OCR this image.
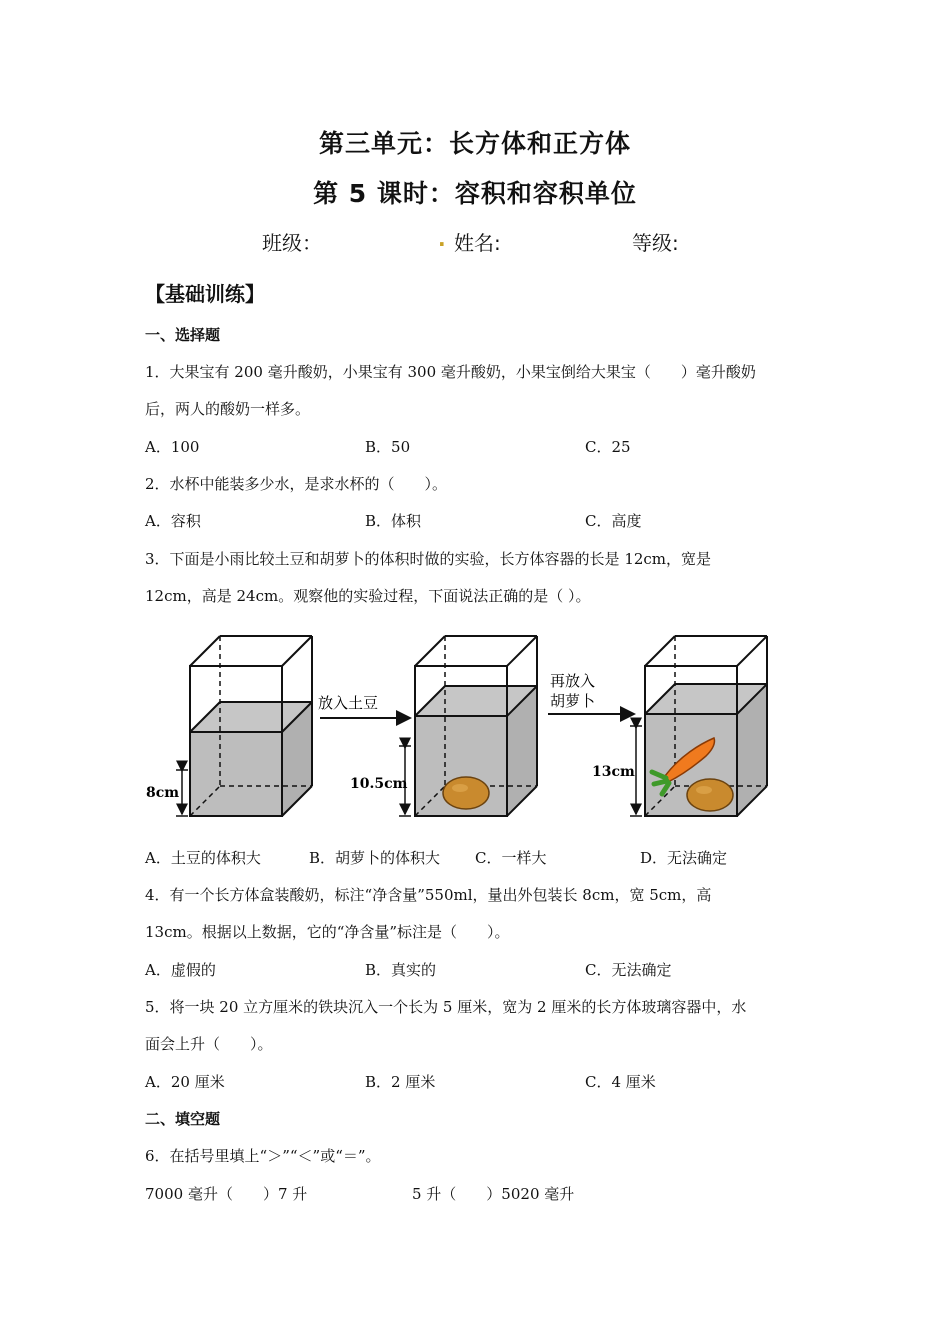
第三单元：长方体和正方体
第 5 课时：容积和容积单位
班级：	. 姓名:	等级:
【基础训练】
一、选择题
1．大果宝有 200 毫升酸奶，小果宝有 300 毫升酸奶，小果宝倒给大果宝（　　）毫升酸奶
后，两人的酸奶一样多。
A．100	B．50	C．25
2．水杯中能装多少水，是求水杯的（　　）。
A．容积	B．体积	C．高度
3．下面是小雨比较土豆和胡萝卜的体积时做的实验，长方体容器的长是 12cm，宽是
12cm，高是 24cm。观察他的实验过程，下面说法正确的是（ ）。
8cm
放入土豆
10.5cm
再放入
胡萝卜
13cm
A．土豆的体积大	B．胡萝卜的体积大 C．一样大	D．无法确定
4．有一个长方体盒装酸奶，标注“净含量”550ml，量出外包装长 8cm，宽 5cm，高
13cm。根据以上数据，它的“净含量”标注是（　　）。
A．虚假的	B．真实的	C．无法确定
5．将一块 20 立方厘米的铁块沉入一个长为 5 厘米，宽为 2 厘米的长方体玻璃容器中，水
面会上升（　　）。
A．20 厘米	B．2 厘米	C．4 厘米
二、填空题
6．在括号里填上“＞”“＜”或“＝”。
7000 毫升（　　）7 升	5 升（　　）5020 毫升
